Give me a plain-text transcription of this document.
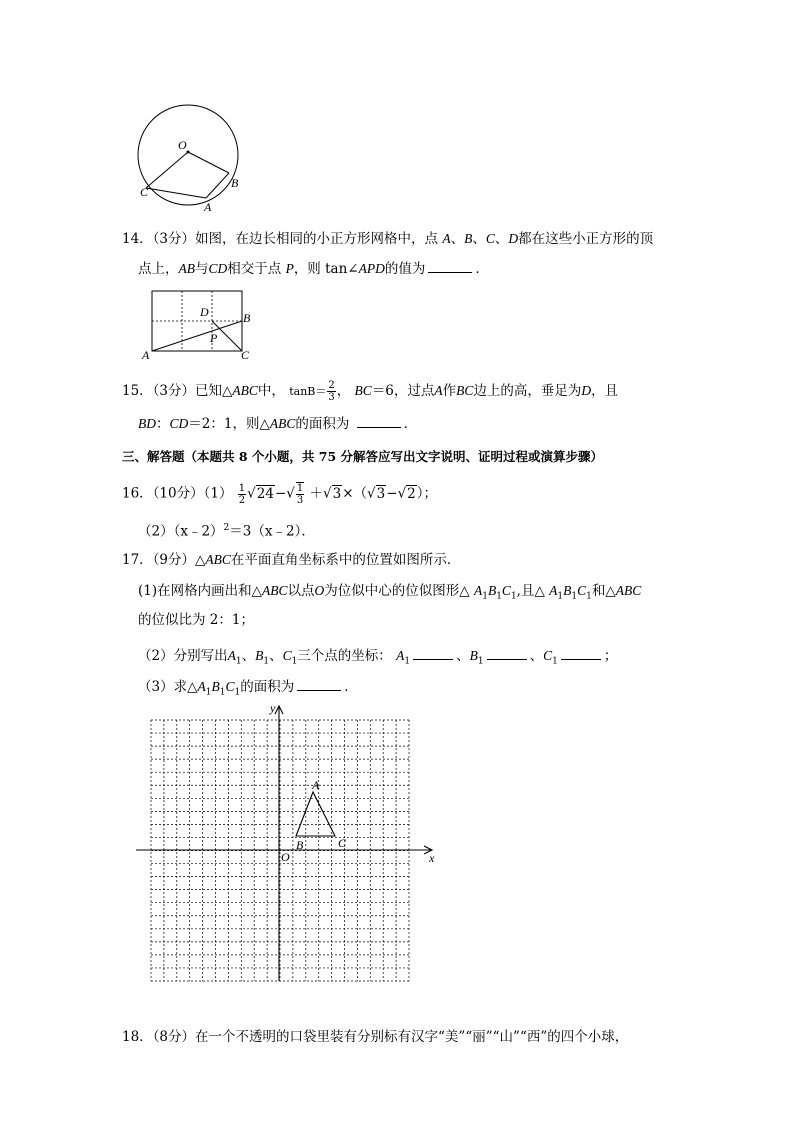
O
C
B
A
14．（3分）如图，在边长相同的小正方形网格中，点 A、B、C、D都在这些小正方形的顶
点上，AB与CD相交于点 P，则 tan∠APD的值为	．
A
B
C
D
P
15．（3分）已知△ABC中， $\tan B= \frac{2}{3}$ ， BC＝6，过点A作BC边上的高，垂足为D，且
BD：CD＝2：1，则△ABC的面积为	．
三、解答题（本题共 8 个小题，共 75 分解答应写出文字说明、证明过程或演算步骤）
16．（10分）$(1) \frac{1}{2} √24-√ \frac{1}{3} +√3\times(√3-√2)$；
（2）（x﹣2）$^2$＝3（x﹣2）．
17．（9分）△ABC在平面直角坐标系中的位置如图所示．
(1)在网格内画出和△ABC以点O为位似中心的位似图形△ $A_1B_1C_1$,且△ $A_1B_1C_1$和△ABC
的位似比为 2：1；
（2）分别写出$A_1$、$B_1$、$C_1$三个点的坐标： $A_1$	、$B_1$	、$C_1$	；
（3）求$\triangle A_1B_1C_1$的面积为	．
x
y
O
A
B	C
18．（8分）在一个不透明的口袋里装有分别标有汉字“美”“丽”“山”“西”的四个小球，
